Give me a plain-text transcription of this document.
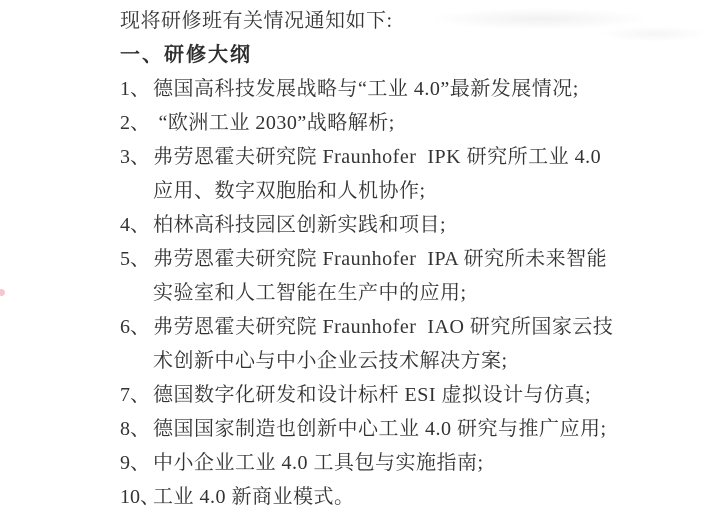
现将研修班有关情况通知如下:
一、研修大纲
1、 德国高科技发展战略与“工业 4.0”最新发展情况;
2、 “欧洲工业 2030”战略解析;
3、 弗劳恩霍夫研究院 Fraunhofer  IPK 研究所工业 4.0
应用、数字双胞胎和人机协作;
4、 柏林高科技园区创新实践和项目;
5、 弗劳恩霍夫研究院 Fraunhofer  IPA 研究所未来智能
实验室和人工智能在生产中的应用;
6、 弗劳恩霍夫研究院 Fraunhofer  IAO 研究所国家云技
术创新中心与中小企业云技术解决方案;
7、 德国数字化研发和设计标杆 ESI 虚拟设计与仿真;
8、 德国国家制造也创新中心工业 4.0 研究与推广应用;
9、 中小企业工业 4.0 工具包与实施指南;
10、
工业 4.0 新商业模式。
